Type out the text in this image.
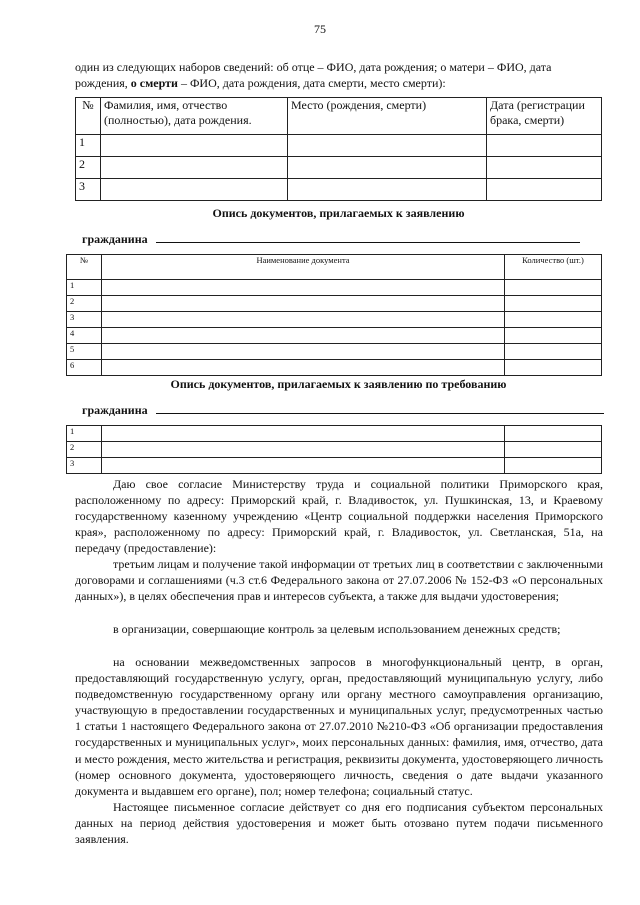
75
один из следующих наборов сведений: об отце – ФИО, дата рождения; о матери – ФИО, дата
рождения, о смерти – ФИО, дата рождения, дата смерти, место смерти):
№	Фамилия, имя, отчество (полностью), дата рождения.	Место (рождения, смерти)	Дата (регистрации брака, смерти)
1			
2			
3			
Опись документов, прилагаемых к заявлению
гражданина
№	Наименование документа	Количество (шт.)
1		
2		
3		
4		
5		
6		
Опись документов, прилагаемых к заявлению по требованию
гражданина
1		
2		
3		
Даю свое согласие Министерству труда и социальной политики Приморского края, расположенному по адресу: Приморский край, г. Владивосток, ул. Пушкинская, 13, и Краевому государственному казенному учреждению «Центр социальной поддержки населения Приморского края», расположенному по адресу: Приморский край, г. Владивосток, ул. Светланская, 51а, на передачу (предоставление):
третьим лицам и получение такой информации от третьих лиц в соответствии с заключенными договорами и соглашениями (ч.3 ст.6 Федерального закона от 27.07.2006 № 152-ФЗ «О персональных данных»), в целях обеспечения прав и интересов субъекта, а также для выдачи удостоверения;
в организации, совершающие контроль за целевым использованием денежных средств;
на основании межведомственных запросов в многофункциональный центр, в орган, предоставляющий государственную услугу, орган, предоставляющий муниципальную услугу, либо подведомственную государственному органу или органу местного самоуправления организацию, участвующую в предоставлении государственных и муниципальных услуг, предусмотренных частью 1 статьи 1 настоящего Федерального закона от 27.07.2010 №210-ФЗ «Об организации предоставления государственных и муниципальных услуг», моих персональных данных: фамилия, имя, отчество, дата и место рождения, место жительства и регистрация, реквизиты документа, удостоверяющего личность (номер основного документа, удостоверяющего личность, сведения о дате выдачи указанного документа и выдавшем его органе), пол; номер телефона; социальный статус.
Настоящее письменное согласие действует со дня его подписания субъектом персональных данных на период действия удостоверения и может быть отозвано путем подачи письменного заявления.
